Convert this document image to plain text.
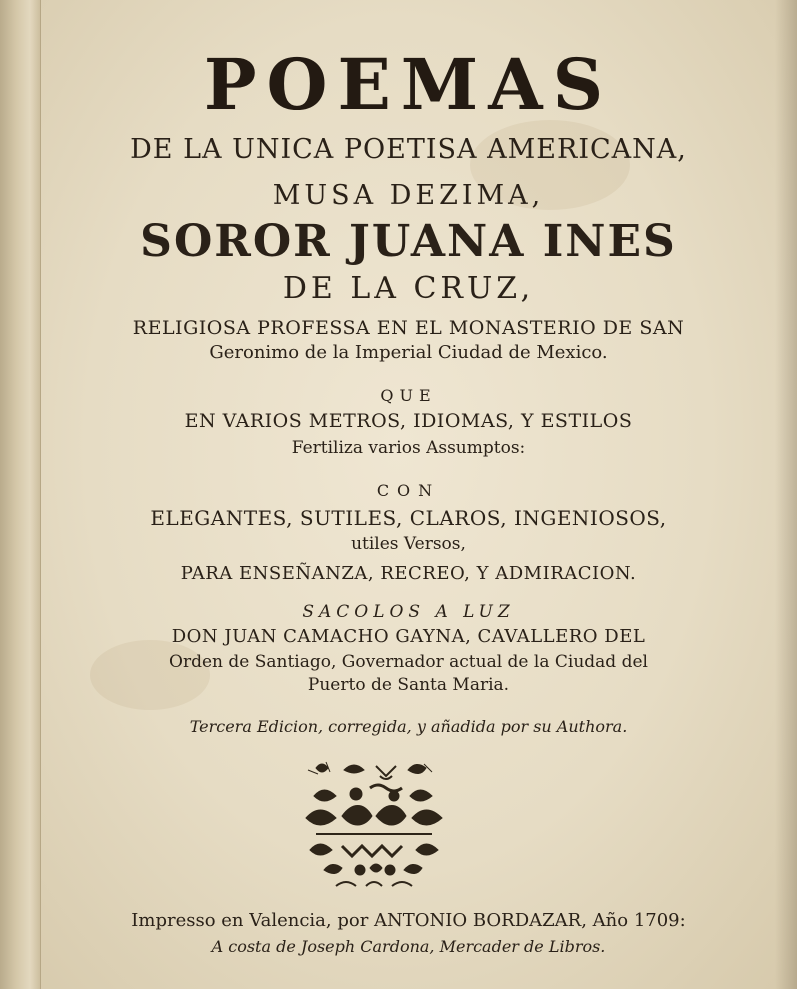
POEMAS
DE LA UNICA POETISA AMERICANA,
MUSA DEZIMA,
SOROR JUANA INES
DE LA CRUZ,
RELIGIOSA PROFESSA EN EL MONASTERIO DE SAN
Geronimo de la Imperial Ciudad de Mexico.
QUE
EN VARIOS METROS, IDIOMAS, Y ESTILOS
Fertiliza varios Assumptos:
CON
ELEGANTES, SUTILES, CLAROS, INGENIOSOS,
utiles Versos,
PARA ENSEÑANZA, RECREO, Y ADMIRACION.
SACOLOS A LUZ
DON JUAN CAMACHO GAYNA, CAVALLERO DEL
Orden de Santiago, Governador actual de la Ciudad del
Puerto de Santa Maria.
Tercera Edicion, corregida, y añadida por su Authora.
Impresso en Valencia, por ANTONIO BORDAZAR, Año 1709:
A costa de Joseph Cardona, Mercader de Libros.
